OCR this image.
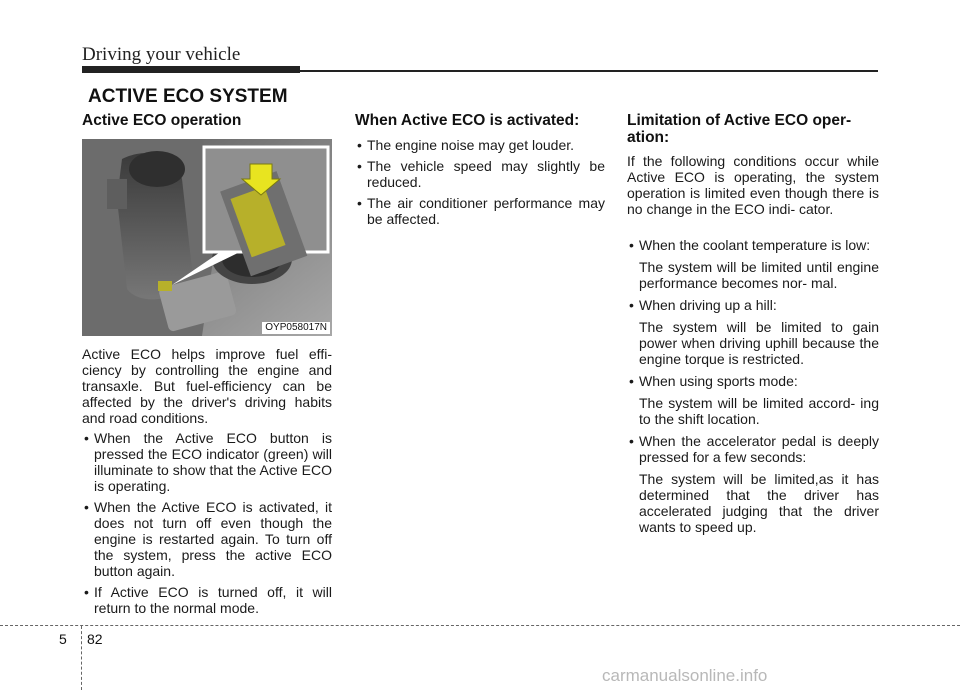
Driving your vehicle
ACTIVE ECO SYSTEM
Active ECO operation
OYP058017N

Active ECO helps improve fuel effi- ciency by controlling the engine and transaxle. But fuel-efficiency can be affected by the driver's driving habits and road conditions.

• When the Active ECO button is pressed the ECO indicator (green) will illuminate to show that the Active ECO is operating.
• When the Active ECO is activated, it does not turn off even though the engine is restarted again. To turn off the system, press the active ECO button again.
• If Active ECO is turned off, it will return to the normal mode.
When Active ECO is activated:
• The engine noise may get louder.
• The vehicle speed may slightly be reduced.
• The air conditioner performance may be affected.
Limitation of Active ECO oper- ation:

If the following conditions occur while Active ECO is operating, the system operation is limited even though there is no change in the ECO indi- cator.

• When the coolant temperature is low:

The system will be limited until engine performance becomes nor- mal.

• When driving up a hill:

The system will be limited to gain power when driving uphill because the engine torque is restricted.

• When using sports mode:

The system will be limited accord- ing to the shift location.

• When the accelerator pedal is deeply pressed for a few seconds:

The system will be limited,as it has determined that the driver has accelerated judging that the driver wants to speed up.

5 82
carmanualsonline.info
